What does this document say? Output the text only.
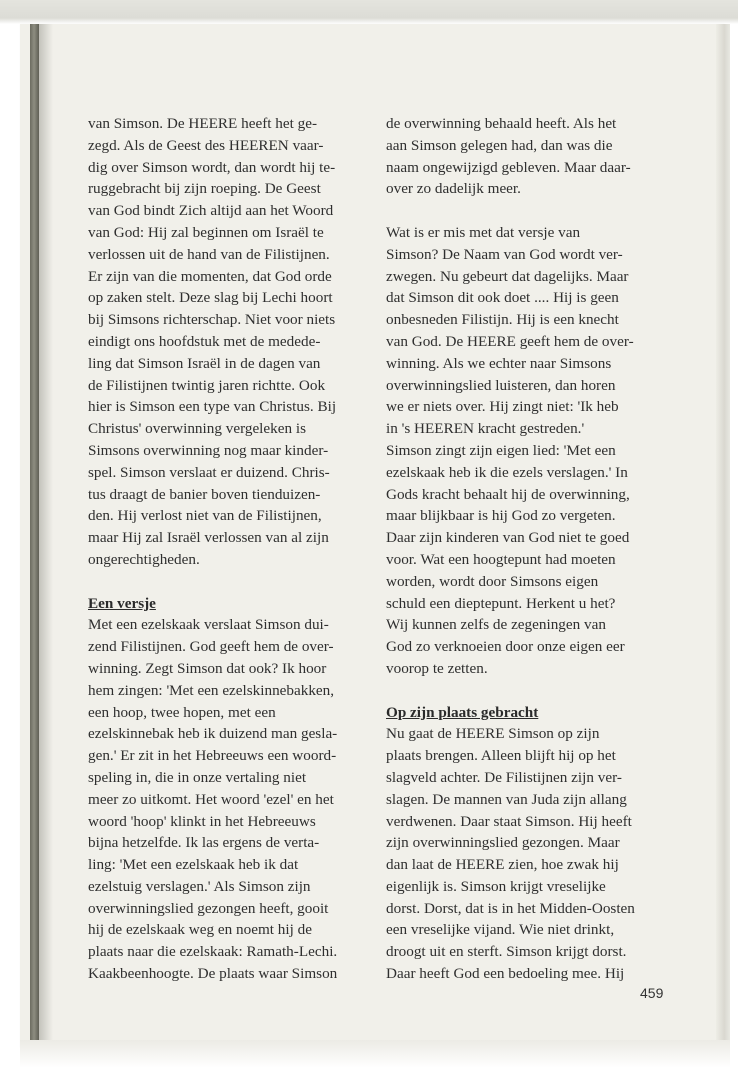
van Simson. De HEERE heeft het ge-
zegd. Als de Geest des HEEREN vaar-
dig over Simson wordt, dan wordt hij te-
ruggebracht bij zijn roeping. De Geest
van God bindt Zich altijd aan het Woord
van God: Hij zal beginnen om Israël te
verlossen uit de hand van de Filistijnen.
Er zijn van die momenten, dat God orde
op zaken stelt. Deze slag bij Lechi hoort
bij Simsons richterschap. Niet voor niets
eindigt ons hoofdstuk met de mededе-
ling dat Simson Israël in de dagen van
de Filistijnen twintig jaren richtte. Ook
hier is Simson een type van Christus. Bij
Christus' overwinning vergeleken is
Simsons overwinning nog maar kinder-
spel. Simson verslaat er duizend. Chris-
tus draagt de banier boven tienduizen-
den. Hij verlost niet van de Filistijnen,
maar Hij zal Israël verlossen van al zijn
ongerechtigheden.
Een versje
Met een ezelskaak verslaat Simson dui-
zend Filistijnen. God geeft hem de over-
winning. Zegt Simson dat ook? Ik hoor
hem zingen: 'Met een ezelskinnebakken,
een hoop, twee hopen, met een
ezelskinnebak heb ik duizend man gesla-
gen.' Er zit in het Hebreeuws een woord-
speling in, die in onze vertaling niet
meer zo uitkomt. Het woord 'ezel' en het
woord 'hoop' klinkt in het Hebreeuws
bijna hetzelfde. Ik las ergens de verta-
ling: 'Met een ezelskaak heb ik dat
ezelstuig verslagen.' Als Simson zijn
overwinningslied gezongen heeft, gooit
hij de ezelskaak weg en noemt hij de
plaats naar die ezelskaak: Ramath-Lechi.
Kaakbeenhoogte. De plaats waar Simson
de overwinning behaald heeft. Als het
aan Simson gelegen had, dan was die
naam ongewijzigd gebleven. Maar daar-
over zo dadelijk meer.
Wat is er mis met dat versje van
Simson? De Naam van God wordt ver-
zwegen. Nu gebeurt dat dagelijks. Maar
dat Simson dit ook doet .... Hij is geen
onbesneden Filistijn. Hij is een knecht
van God. De HEERE geeft hem de over-
winning. Als we echter naar Simsons
overwinningslied luisteren, dan horen
we er niets over. Hij zingt niet: 'Ik heb
in 's HEEREN kracht gestreden.'
Simson zingt zijn eigen lied: 'Met een
ezelskaak heb ik die ezels verslagen.' In
Gods kracht behaalt hij de overwinning,
maar blijkbaar is hij God zo vergeten.
Daar zijn kinderen van God niet te goed
voor. Wat een hoogtepunt had moeten
worden, wordt door Simsons eigen
schuld een dieptepunt. Herkent u het?
Wij kunnen zelfs de zegeningen van
God zo verknoeien door onze eigen eer
voorop te zetten.
Op zijn plaats gebracht
Nu gaat de HEERE Simson op zijn
plaats brengen. Alleen blijft hij op het
slagveld achter. De Filistijnen zijn ver-
slagen. De mannen van Juda zijn allang
verdwenen. Daar staat Simson. Hij heeft
zijn overwinningslied gezongen. Maar
dan laat de HEERE zien, hoe zwak hij
eigenlijk is. Simson krijgt vreselijke
dorst. Dorst, dat is in het Midden-Oosten
een vreselijke vijand. Wie niet drinkt,
droogt uit en sterft. Simson krijgt dorst.
Daar heeft God een bedoeling mee. Hij
459
